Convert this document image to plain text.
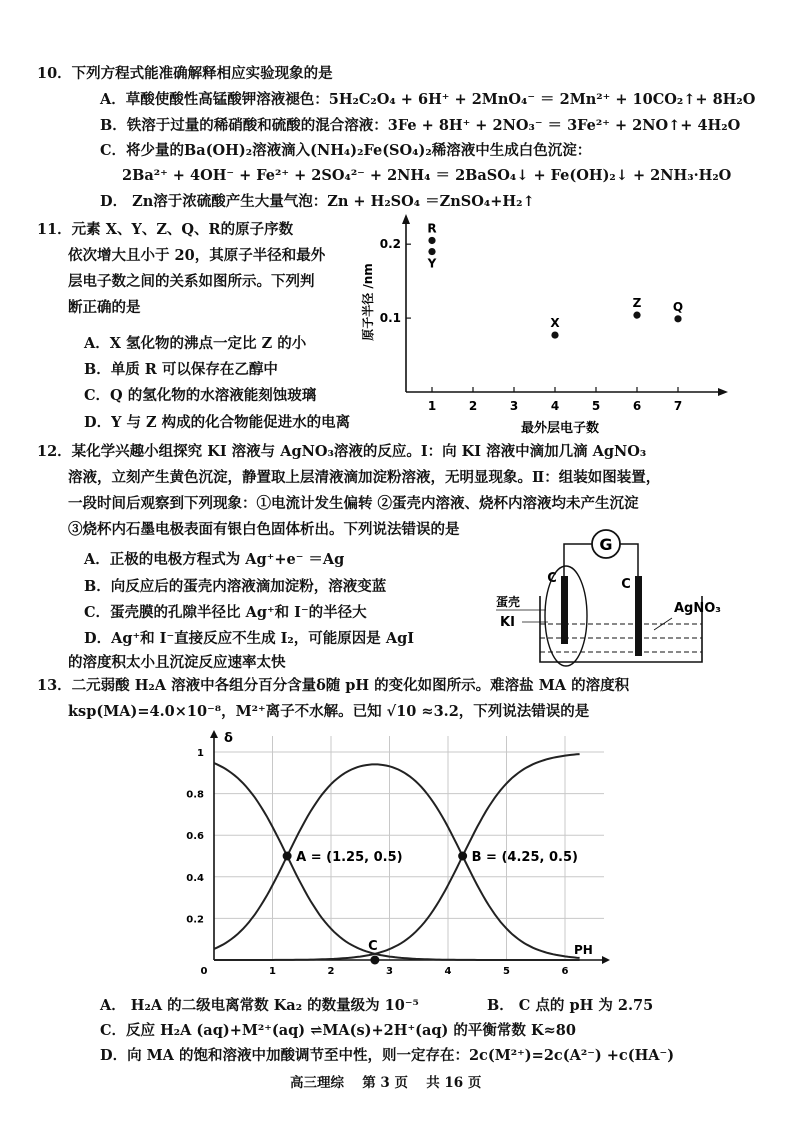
10．下列方程式能准确解释相应实验现象的是
A．草酸使酸性高锰酸钾溶液褪色：5H₂C₂O₄ + 6H⁺ + 2MnO₄⁻ ＝ 2Mn²⁺ + 10CO₂↑+ 8H₂O
B．铁溶于过量的稀硝酸和硫酸的混合溶液：3Fe + 8H⁺ + 2NO₃⁻ ＝ 3Fe²⁺ + 2NO↑+ 4H₂O
C．将少量的Ba(OH)₂溶液滴入(NH₄)₂Fe(SO₄)₂稀溶液中生成白色沉淀：
2Ba²⁺ + 4OH⁻ + Fe²⁺ + 2SO₄²⁻ + 2NH₄ ＝ 2BaSO₄↓ + Fe(OH)₂↓ + 2NH₃·H₂O
D． Zn溶于浓硫酸产生大量气泡：Zn + H₂SO₄ ＝ZnSO₄+H₂↑
11．元素 X、Y、Z、Q、R的原子序数
依次增大且小于 20，其原子半径和最外
层电子数之间的关系如图所示。下列判
断正确的是
A．X 氢化物的沸点一定比 Z 的小
B．单质 R 可以保存在乙醇中
C．Q 的氢化物的水溶液能刻蚀玻璃
D．Y 与 Z 构成的化合物能促进水的电离
1	2	3	4	5	6	7
0.2
0.1
R
Y
X
Z	Q
原子半径 /nm
最外层电子数
12．某化学兴趣小组探究 KI 溶液与 AgNO₃溶液的反应。Ⅰ：向 KI 溶液中滴加几滴 AgNO₃
溶液，立刻产生黄色沉淀，静置取上层清液滴加淀粉溶液，无明显现象。Ⅱ：组装如图装置，
一段时间后观察到下列现象：①电流计发生偏转 ②蛋壳内溶液、烧杯内溶液均未产生沉淀
③烧杯内石墨电极表面有银白色固体析出。下列说法错误的是
A．正极的电极方程式为 Ag⁺+e⁻ ＝Ag
B．向反应后的蛋壳内溶液滴加淀粉，溶液变蓝
C．蛋壳膜的孔隙半径比 Ag⁺和 I⁻的半径大
D．Ag⁺和 I⁻直接反应不生成 I₂，可能原因是 AgI
的溶度积太小且沉淀反应速率太快
G
C	C
蛋壳
KI
AgNO₃
13．二元弱酸 H₂A 溶液中各组分百分含量δ随 pH 的变化如图所示。难溶盐 MA 的溶度积
ksp(MA)=4.0×10⁻⁸，M²⁺离子不水解。已知 √10 ≈3.2，下列说法错误的是
0	1	2	3	4	5	6
1
0.8
0.6
0.4
0.2
A = (1.25, 0.5)	B = (4.25, 0.5)
C
δ
PH
A． H₂A 的二级电离常数 Ka₂ 的数量级为 10⁻⁵	B． C 点的 pH 为 2.75
C．反应 H₂A (aq)+M²⁺(aq) ⇌MA(s)+2H⁺(aq) 的平衡常数 K≈80
D．向 MA 的饱和溶液中加酸调节至中性，则一定存在：2c(M²⁺)=2c(A²⁻) +c(HA⁻)
高三理综　 第 3 页　 共 16 页
